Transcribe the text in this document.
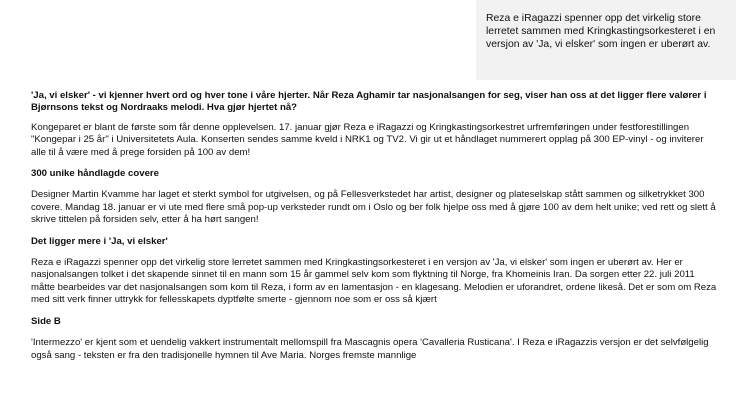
Reza e iRagazzi spenner opp det virkelig store lerretet sammen med Kringkastingsorkesteret i en versjon av 'Ja, vi elsker' som ingen er uberørt av.

'Ja, vi elsker' - vi kjenner hvert ord og hver tone i våre hjerter. Når Reza Aghamir tar nasjonalsangen for seg, viser han oss at det ligger flere valører i Bjørnsons tekst og Nordraaks melodi. Hva gjør hjertet nå?

Kongeparet er blant de første som får denne opplevelsen. 17. januar gjør Reza e iRagazzi og Kringkastingsorkestret urfremføringen under festforestillingen "Kongepar i 25 år" i Universitetets Aula. Konserten sendes samme kveld i NRK1 og TV2. Vi gir ut et håndlaget nummerert opplag på 300 EP-vinyl - og inviterer alle til å være med å prege forsiden på 100 av dem!

300 unike håndlagde covere

Designer Martin Kvamme har laget et sterkt symbol for utgivelsen, og på Fellesverkstedet har artist, designer og plateselskap stått sammen og silketrykket 300 covere. Mandag 18. januar er vi ute med flere små pop-up verksteder rundt om i Oslo og ber folk hjelpe oss med å gjøre 100 av dem helt unike; ved rett og slett å skrive tittelen på forsiden selv, etter å ha hørt sangen!

Det ligger mere i 'Ja, vi elsker'

Reza e iRagazzi spenner opp det virkelig store lerretet sammen med Kringkastingsorkesteret i en versjon av 'Ja, vi elsker' som ingen er uberørt av. Her er nasjonalsangen tolket i det skapende sinnet til en mann som 15 år gammel selv kom som flyktning til Norge, fra Khomeinis Iran. Da sorgen etter 22. juli 2011 måtte bearbeides var det nasjonalsangen som kom til Reza, i form av en lamentasjon - en klagesang. Melodien er uforandret, ordene likeså. Det er som om Reza med sitt verk finner uttrykk for fellesskapets dyptfølte smerte - gjennom noe som er oss så kjært

Side B

'Intermezzo' er kjent som et uendelig vakkert instrumentalt mellomspill fra Mascagnis opera 'Cavalleria Rusticana'. I Reza e iRagazzis versjon er det selvfølgelig også sang - teksten er fra den tradisjonelle hymnen til Ave Maria. Norges fremste mannlige
